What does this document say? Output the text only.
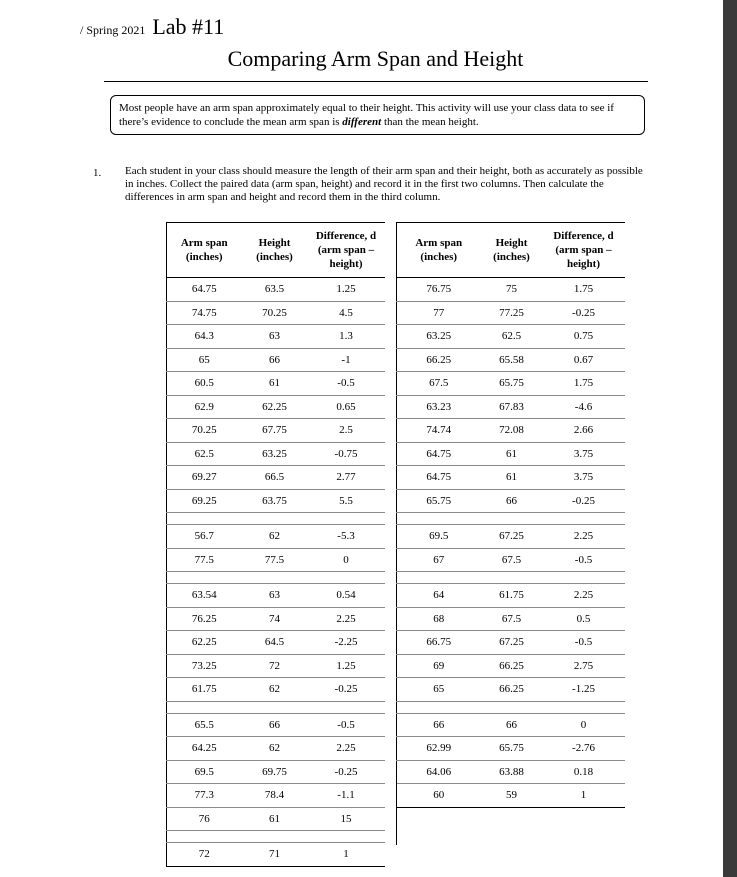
/ Spring 2021 Lab #11
Comparing Arm Span and Height
Most people have an arm span approximately equal to their height. This activity will use your class data to see if there’s evidence to conclude the mean arm span is different than the mean height.
1. Each student in your class should measure the length of their arm span and their height, both as accurately as possible in inches. Collect the paired data (arm span, height) and record it in the first two columns. Then calculate the differences in arm span and height and record them in the third column.
Arm span (inches)	Height (inches)	Difference, d (arm span – height)
64.75	63.5	1.25
74.75	70.25	4.5
64.3	63	1.3
65	66	-1
60.5	61	-0.5
62.9	62.25	0.65
70.25	67.75	2.5
62.5	63.25	-0.75
69.27	66.5	2.77
69.25	63.75	5.5

56.7	62	-5.3
77.5	77.5	0

63.54	63	0.54
76.25	74	2.25
62.25	64.5	-2.25
73.25	72	1.25
61.75	62	-0.25

65.5	66	-0.5
64.25	62	2.25
69.5	69.75	-0.25
77.3	78.4	-1.1
76	61	15

72	71	1
Arm span (inches)	Height (inches)	Difference, d (arm span – height)
76.75	75	1.75
77	77.25	-0.25
63.25	62.5	0.75
66.25	65.58	0.67
67.5	65.75	1.75
63.23	67.83	-4.6
74.74	72.08	2.66
64.75	61	3.75
64.75	61	3.75
65.75	66	-0.25

69.5	67.25	2.25
67	67.5	-0.5

64	61.75	2.25
68	67.5	0.5
66.75	67.25	-0.5
69	66.25	2.75
65	66.25	-1.25

66	66	0
62.99	65.75	-2.76
64.06	63.88	0.18
60	59	1
